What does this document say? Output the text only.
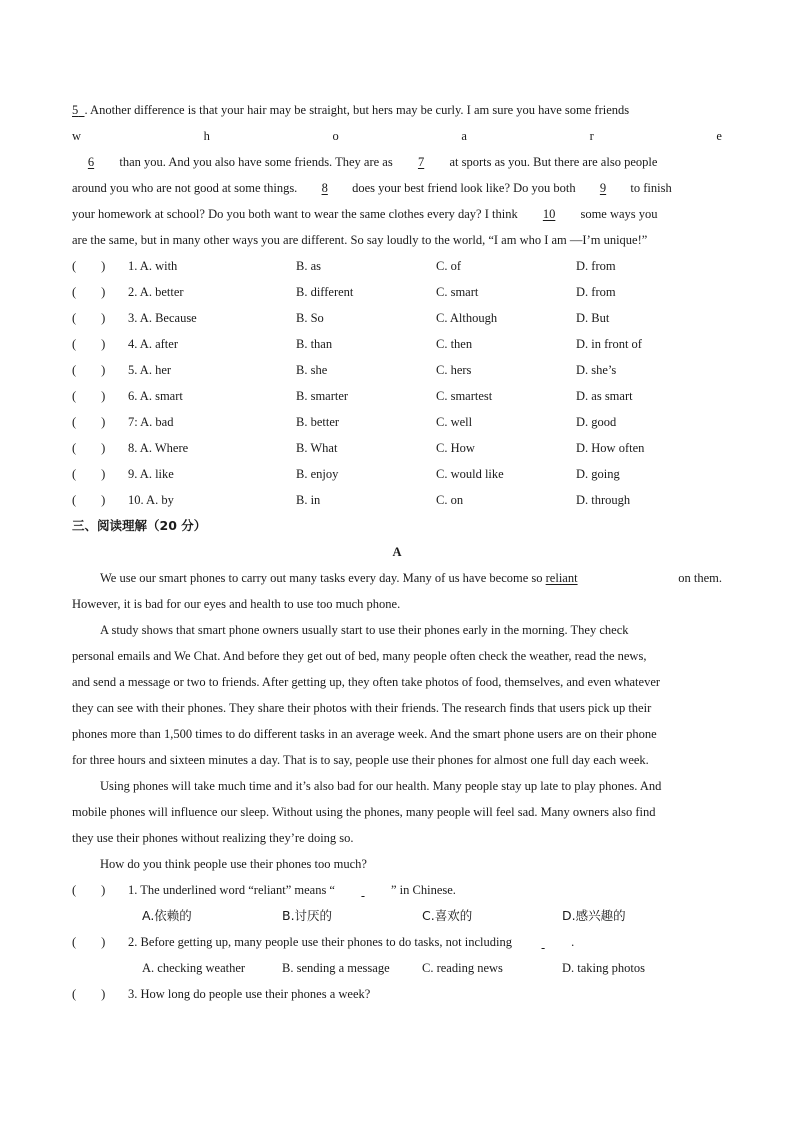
5 . Another difference is that your hair may be straight, but hers may be curly. I am sure you have some friends
w	h	o	a	r	e
6 than you. And you also have some friends. They are as 7 at sports as you. But there are also people
around you who are not good at some things. 8 does your best friend look like? Do you both 9 to finish
your homework at school? Do you both want to wear the same clothes every day? I think 10 some ways you
are the same, but in many other ways you are different. So say loudly to the world, “I am who I am —I’m unique!”
(　　)	1. A. with	B. as	C. of	D. from
(　　)	2. A. better	B. different	C. smart	D. from
(　　)	3. A. Because	B. So	C. Although	D. But
(　　)	4. A. after	B. than	C. then	D. in front of
(　　)	5. A. her	B. she	C. hers	D. she’s
(　　)	6. A. smart	B. smarter	C. smartest	D. as smart
(　　)	7: A. bad	B. better	C. well	D. good
(　　)	8. A. Where	B. What	C. How	D. How often
(　　)	9. A. like	B. enjoy	C. would like	D. going
(　　)	10. A. by	B. in	C. on	D. through
三、阅读理解（20 分）
A
We use our smart phones to carry out many tasks every day. Many of us have become so reliant	on them.
However, it is bad for our eyes and health to use too much phone.
A study shows that smart phone owners usually start to use their phones early in the morning. They check
personal emails and We Chat. And before they get out of bed, many people often check the weather, read the news,
and send a message or two to friends. After getting up, they often take photos of food, themselves, and even whatever
they can see with their phones. They share their photos with their friends. The research finds that users pick up their
phones more than 1,500 times to do different tasks in an average week. And the smart phone users are on their phone
for three hours and sixteen minutes a day. That is to say, people use their phones for almost one full day each week.
Using phones will take much time and it’s also bad for our health. Many people stay up late to play phones. And
mobile phones will influence our sleep. Without using the phones, many people will feel sad. Many owners also find
they use their phones without realizing they’re doing so.
How do you think people use their phones too much?
(　　) 1. The underlined word “reliant” means “	” in Chinese.
A.依赖的	B.讨厌的	C.喜欢的	D.感兴趣的
(　　) 2. Before getting up, many people use their phones to do tasks, not including	.
A. checking weather	B. sending a message	C. reading news	D. taking photos
(　　) 3. How long do people use their phones a week?
